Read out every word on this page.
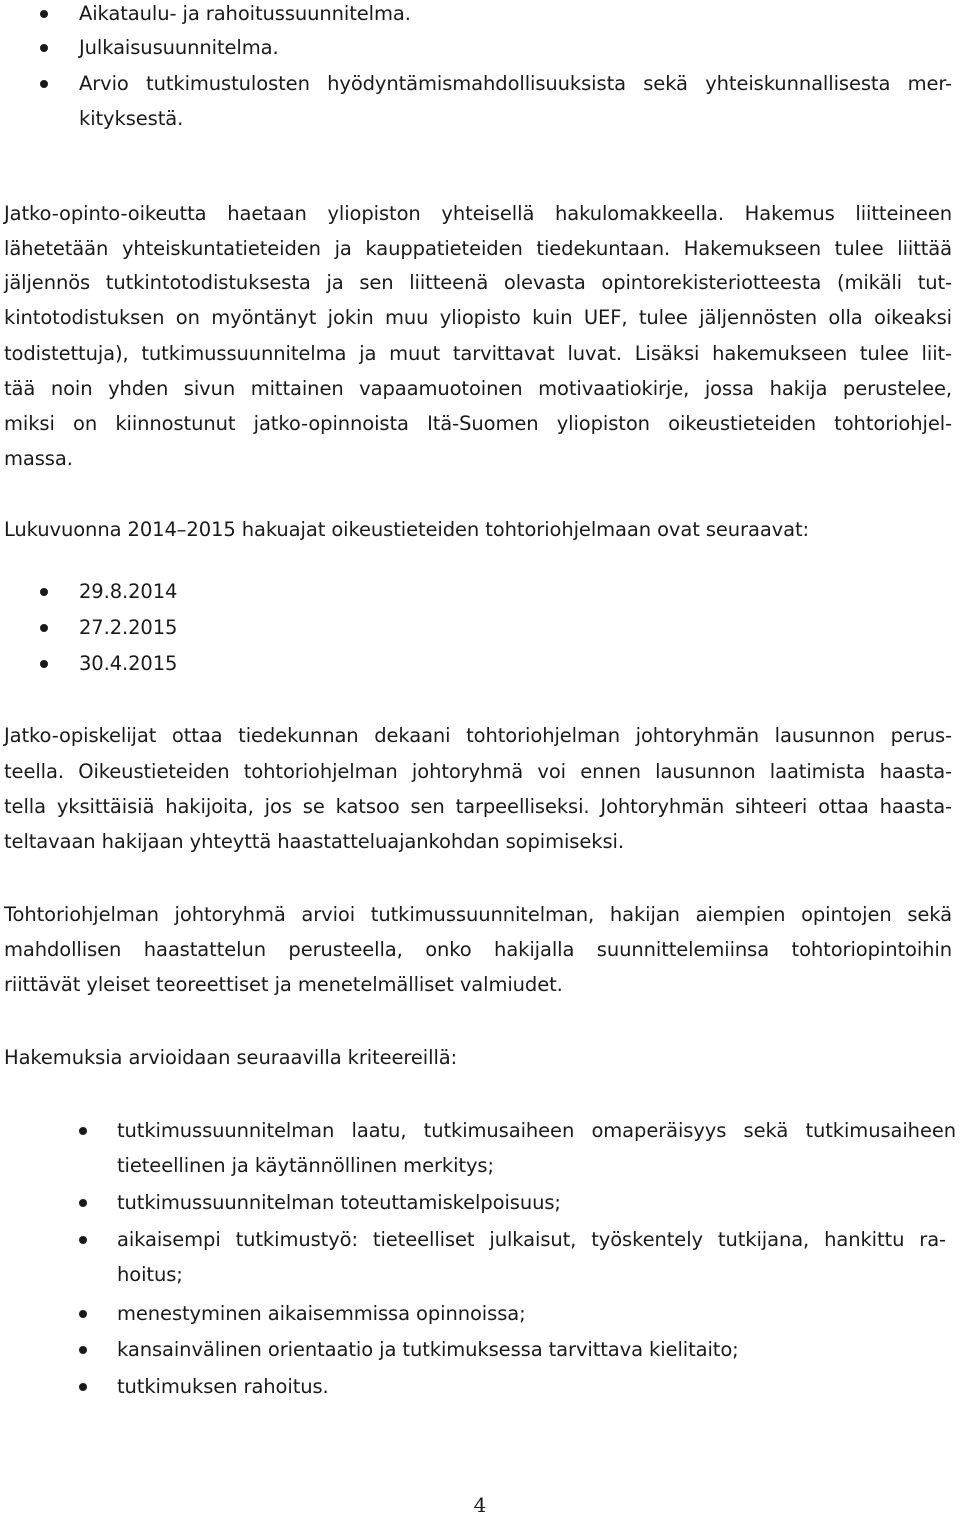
Aikataulu- ja rahoitussuunnitelma.
Julkaisusuunnitelma.
Arvio tutkimustulosten hyödyntämismahdollisuuksista sekä yhteiskunnallisesta mer-
kityksestä.
Jatko-opinto-oikeutta haetaan yliopiston yhteisellä hakulomakkeella. Hakemus liitteineen
lähetetään yhteiskuntatieteiden ja kauppatieteiden tiedekuntaan. Hakemukseen tulee liittää
jäljennös tutkintotodistuksesta ja sen liitteenä olevasta opintorekisteriotteesta (mikäli tut-
kintotodistuksen on myöntänyt jokin muu yliopisto kuin UEF, tulee jäljennösten olla oikeaksi
todistettuja), tutkimussuunnitelma ja muut tarvittavat luvat. Lisäksi hakemukseen tulee liit-
tää noin yhden sivun mittainen vapaamuotoinen motivaatiokirje, jossa hakija perustelee,
miksi on kiinnostunut jatko-opinnoista Itä-Suomen yliopiston oikeustieteiden tohtoriohjel-
massa.
Lukuvuonna 2014–2015 hakuajat oikeustieteiden tohtoriohjelmaan ovat seuraavat:
29.8.2014
27.2.2015
30.4.2015
Jatko-opiskelijat ottaa tiedekunnan dekaani tohtoriohjelman johtoryhmän lausunnon perus-
teella. Oikeustieteiden tohtoriohjelman johtoryhmä voi ennen lausunnon laatimista haasta-
tella yksittäisiä hakijoita, jos se katsoo sen tarpeelliseksi. Johtoryhmän sihteeri ottaa haasta-
teltavaan hakijaan yhteyttä haastatteluajankohdan sopimiseksi.
Tohtoriohjelman johtoryhmä arvioi tutkimussuunnitelman, hakijan aiempien opintojen sekä
mahdollisen haastattelun perusteella, onko hakijalla suunnittelemiinsa tohtoriopintoihin
riittävät yleiset teoreettiset ja menetelmälliset valmiudet.
Hakemuksia arvioidaan seuraavilla kriteereillä:
tutkimussuunnitelman laatu, tutkimusaiheen omaperäisyys sekä tutkimusaiheen
tieteellinen ja käytännöllinen merkitys;
tutkimussuunnitelman toteuttamiskelpoisuus;
aikaisempi tutkimustyö: tieteelliset julkaisut, työskentely tutkijana, hankittu ra-
hoitus;
menestyminen aikaisemmissa opinnoissa;
kansainvälinen orientaatio ja tutkimuksessa tarvittava kielitaito;
tutkimuksen rahoitus.
4
